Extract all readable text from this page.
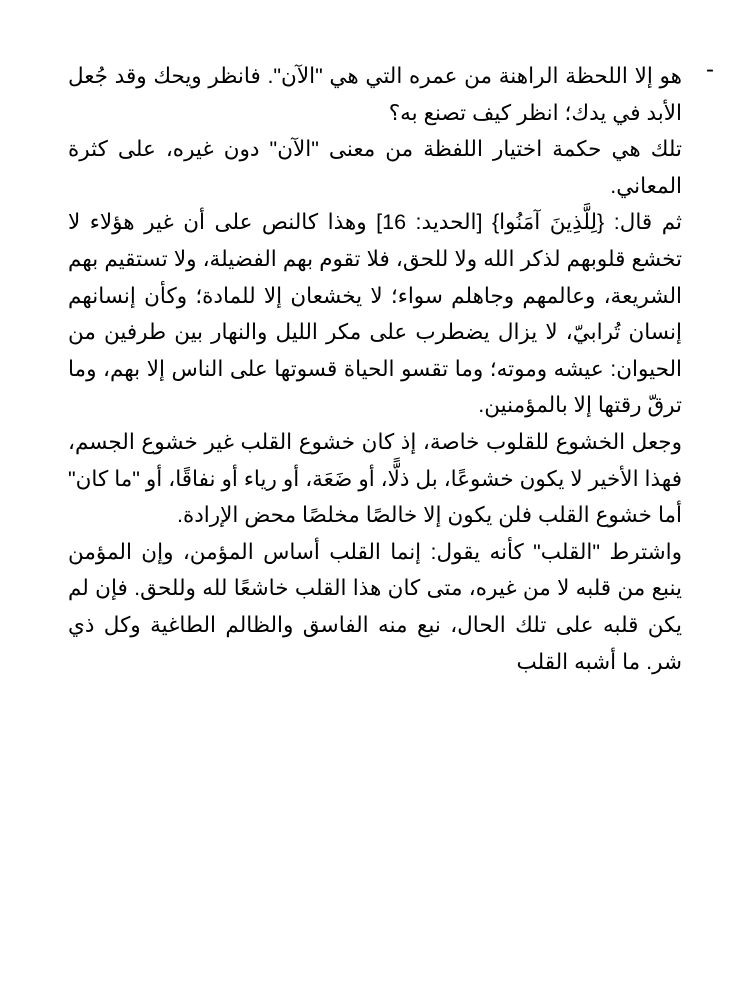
-

هو إلا اللحظة الراهنة من عمره التي هي "الآن". فانظر ويحك وقد جُعل الأبد في يدك؛ انظر كيف تصنع به؟

تلك هي حكمة اختيار اللفظة من معنى "الآن" دون غيره، على كثرة المعاني.

ثم قال: {لِلَّذِينَ آمَنُوا} [الحديد: 16] وهذا كالنص على أن غير هؤلاء لا تخشع قلوبهم لذكر الله ولا للحق، فلا تقوم بهم الفضيلة، ولا تستقيم بهم الشريعة، وعالمهم وجاهلم سواء؛ لا يخشعان إلا للمادة؛ وكأن إنسانهم إنسان تُرابيّ، لا يزال يضطرب على مكر الليل والنهار بين طرفين من الحيوان: عيشه وموته؛ وما تقسو الحياة قسوتها على الناس إلا بهم، وما ترقّ رقتها إلا بالمؤمنين.

وجعل الخشوع للقلوب خاصة، إذ كان خشوع القلب غير خشوع الجسم، فهذا الأخير لا يكون خشوعًا، بل ذلًّا، أو ضَعَة، أو رياء أو نفاقًا، أو "ما كان" أما خشوع القلب فلن يكون إلا خالصًا مخلصًا محض الإرادة.

واشترط "القلب" كأنه يقول: إنما القلب أساس المؤمن، وإن المؤمن ينبع من قلبه لا من غيره، متى كان هذا القلب خاشعًا لله وللحق. فإن لم يكن قلبه على تلك الحال، نبع منه الفاسق والظالم الطاغية وكل ذي شر. ما أشبه القلب
